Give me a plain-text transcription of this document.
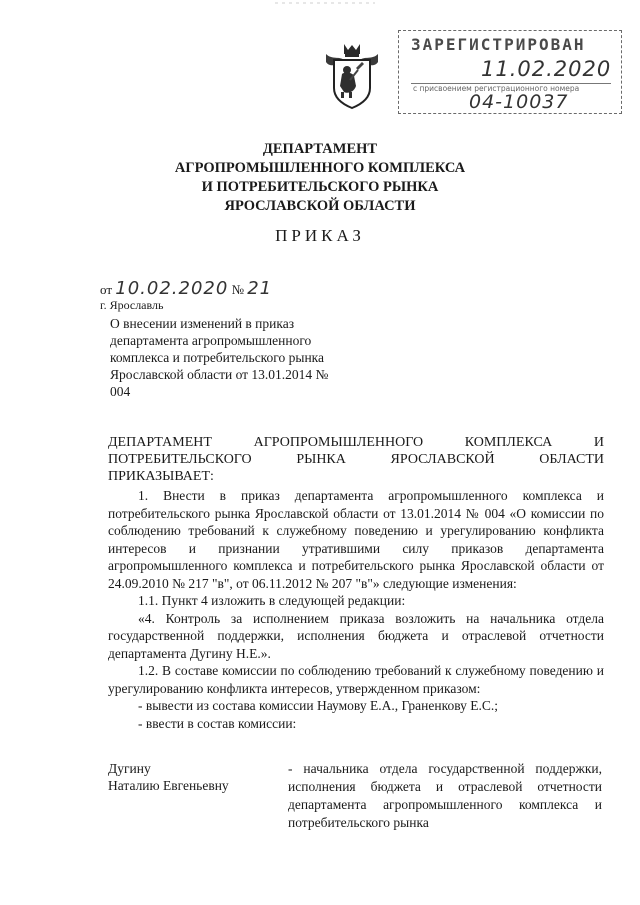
ЗАРЕГИСТРИРОВАН
11.02.2020
с присвоением регистрационного номера
04-10037
ДЕПАРТАМЕНТ
АГРОПРОМЫШЛЕННОГО КОМПЛЕКСА
И ПОТРЕБИТЕЛЬСКОГО РЫНКА
ЯРОСЛАВСКОЙ ОБЛАСТИ
ПРИКАЗ
от 10.02.2020 № 21
г. Ярославль
О внесении изменений в приказ департамента агропромышленного комплекса и потребительского рынка Ярославской области от 13.01.2014 № 004
ДЕПАРТАМЕНТ АГРОПРОМЫШЛЕННОГО КОМПЛЕКСА И
ПОТРЕБИТЕЛЬСКОГО РЫНКА ЯРОСЛАВСКОЙ ОБЛАСТИ
ПРИКАЗЫВАЕТ:

1. Внести в приказ департамента агропромышленного комплекса и потребительского рынка Ярославской области от 13.01.2014 № 004 «О комиссии по соблюдению требований к служебному поведению и урегулированию конфликта интересов и признании утратившими силу приказов департамента агропромышленного комплекса и потребительского рынка Ярославской области от 24.09.2010 № 217 "в", от 06.11.2012 № 207 "в"» следующие изменения:

1.1. Пункт 4 изложить в следующей редакции:

«4. Контроль за исполнением приказа возложить на начальника отдела государственной поддержки, исполнения бюджета и отраслевой отчетности департамента Дугину Н.Е.».

1.2. В составе комиссии по соблюдению требований к служебному поведению и урегулированию конфликта интересов, утвержденном приказом:

- вывести из состава комиссии Наумову Е.А., Граненкову Е.С.;

- ввести в состав комиссии:

Дугину
Наталию Евгеньевну
- начальника отдела государственной поддержки, исполнения бюджета и отраслевой отчетности департамента агропромышленного комплекса и потребительского рынка
